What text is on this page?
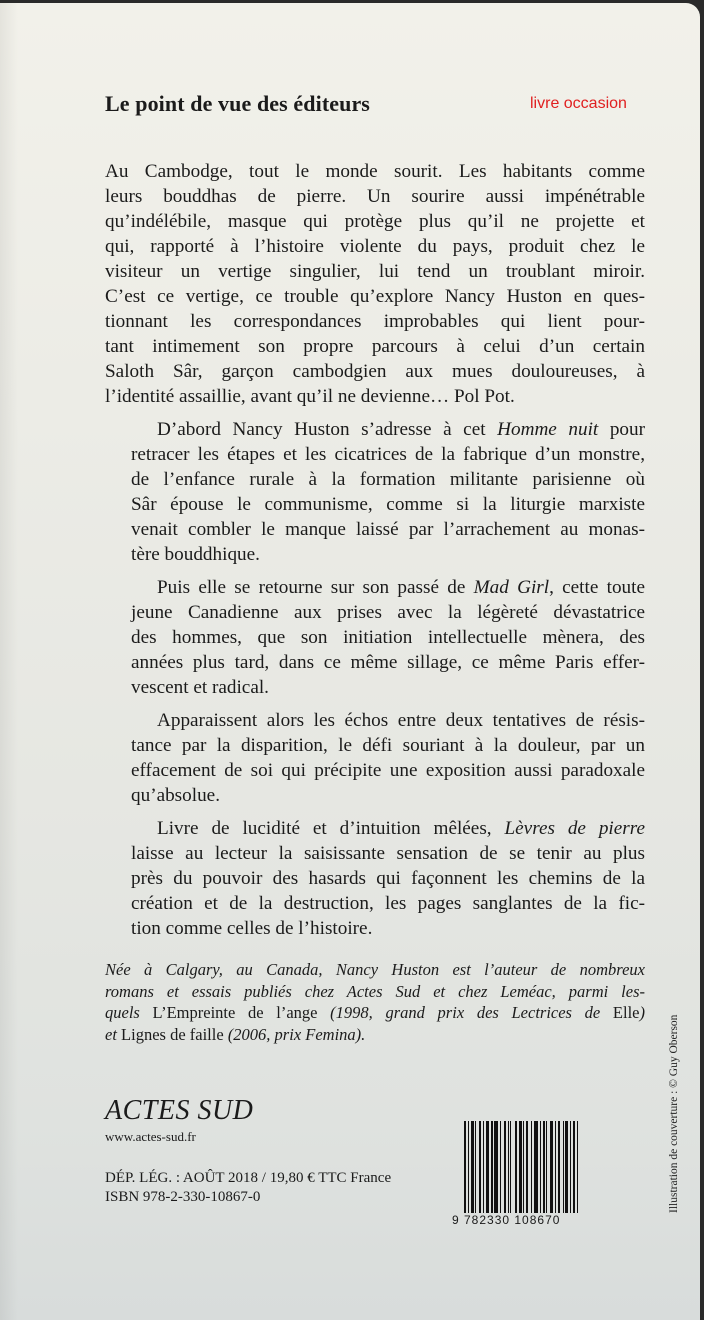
Le point de vue des éditeurs	livre occasion

Au Cambodge, tout le monde sourit. Les habitants comme
leurs bouddhas de pierre. Un sourire aussi impénétrable
qu’indélébile, masque qui protège plus qu’il ne projette et
qui, rapporté à l’histoire violente du pays, produit chez le
visiteur un vertige singulier, lui tend un troublant miroir.
C’est ce vertige, ce trouble qu’explore Nancy Huston en ques-
tionnant les correspondances improbables qui lient pour-
tant intimement son propre parcours à celui d’un certain
Saloth Sâr, garçon cambodgien aux mues douloureuses, à
l’identité assaillie, avant qu’il ne devienne… Pol Pot.

D’abord Nancy Huston s’adresse à cet Homme nuit pour
retracer les étapes et les cicatrices de la fabrique d’un monstre,
de l’enfance rurale à la formation militante parisienne où
Sâr épouse le communisme, comme si la liturgie marxiste
venait combler le manque laissé par l’arrachement au monas-
tère bouddhique.

Puis elle se retourne sur son passé de Mad Girl, cette toute
jeune Canadienne aux prises avec la légèreté dévastatrice
des hommes, que son initiation intellectuelle mènera, des
années plus tard, dans ce même sillage, ce même Paris effer-
vescent et radical.

Apparaissent alors les échos entre deux tentatives de résis-
tance par la disparition, le défi souriant à la douleur, par un
effacement de soi qui précipite une exposition aussi paradoxale
qu’absolue.

Livre de lucidité et d’intuition mêlées, Lèvres de pierre
laisse au lecteur la saisissante sensation de se tenir au plus
près du pouvoir des hasards qui façonnent les chemins de la
création et de la destruction, les pages sanglantes de la fic-
tion comme celles de l’histoire.

Née à Calgary, au Canada, Nancy Huston est l’auteur de nombreux
romans et essais publiés chez Actes Sud et chez Leméac, parmi les-
quels L’Empreinte de l’ange (1998, grand prix des Lectrices de Elle)
et Lignes de faille (2006, prix Femina).
ACTES SUD
www.actes-sud.fr
DÉP. LÉG. : AOÛT 2018 / 19,80 € TTC France
ISBN 978-2-330-10867-0
9 782330 108670
Illustration de couverture : © Guy Oberson
